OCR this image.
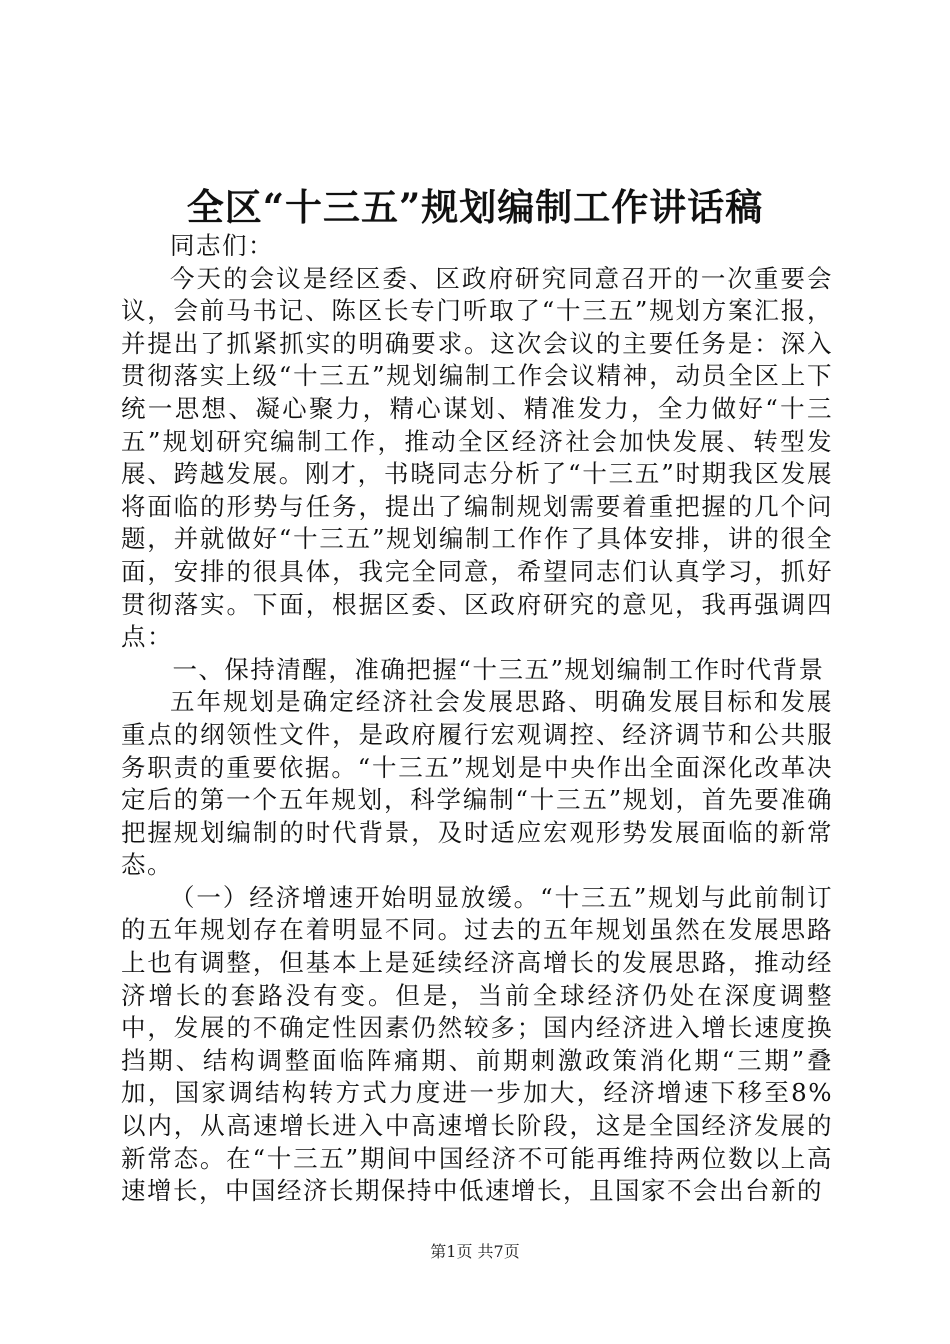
全区“十三五”规划编制工作讲话稿

同志们：

今天的会议是经区委、区政府研究同意召开的一次重要会议，会前马书记、陈区长专门听取了“十三五”规划方案汇报，并提出了抓紧抓实的明确要求。这次会议的主要任务是：深入贯彻落实上级“十三五”规划编制工作会议精神，动员全区上下统一思想、凝心聚力，精心谋划、精准发力，全力做好“十三五”规划研究编制工作，推动全区经济社会加快发展、转型发展、跨越发展。刚才，书晓同志分析了“十三五”时期我区发展将面临的形势与任务，提出了编制规划需要着重把握的几个问题，并就做好“十三五”规划编制工作作了具体安排，讲的很全面，安排的很具体，我完全同意，希望同志们认真学习，抓好贯彻落实。下面，根据区委、区政府研究的意见，我再强调四点：

一、保持清醒，准确把握“十三五”规划编制工作时代背景

五年规划是确定经济社会发展思路、明确发展目标和发展重点的纲领性文件，是政府履行宏观调控、经济调节和公共服务职责的重要依据。“十三五”规划是中央作出全面深化改革决定后的第一个五年规划，科学编制“十三五”规划，首先要准确把握规划编制的时代背景，及时适应宏观形势发展面临的新常态。

（一）经济增速开始明显放缓。“十三五”规划与此前制订的五年规划存在着明显不同。过去的五年规划虽然在发展思路上也有调整，但基本上是延续经济高增长的发展思路，推动经济增长的套路没有变。但是，当前全球经济仍处在深度调整中，发展的不确定性因素仍然较多；国内经济进入增长速度换挡期、结构调整面临阵痛期、前期刺激政策消化期“三期”叠加，国家调结构转方式力度进一步加大，经济增速下移至8%以内，从高速增长进入中高速增长阶段，这是全国经济发展的新常态。在“十三五”期间中国经济不可能再维持两位数以上高速增长，中国经济长期保持中低速增长，且国家不会出台新的

第1页 共7页
